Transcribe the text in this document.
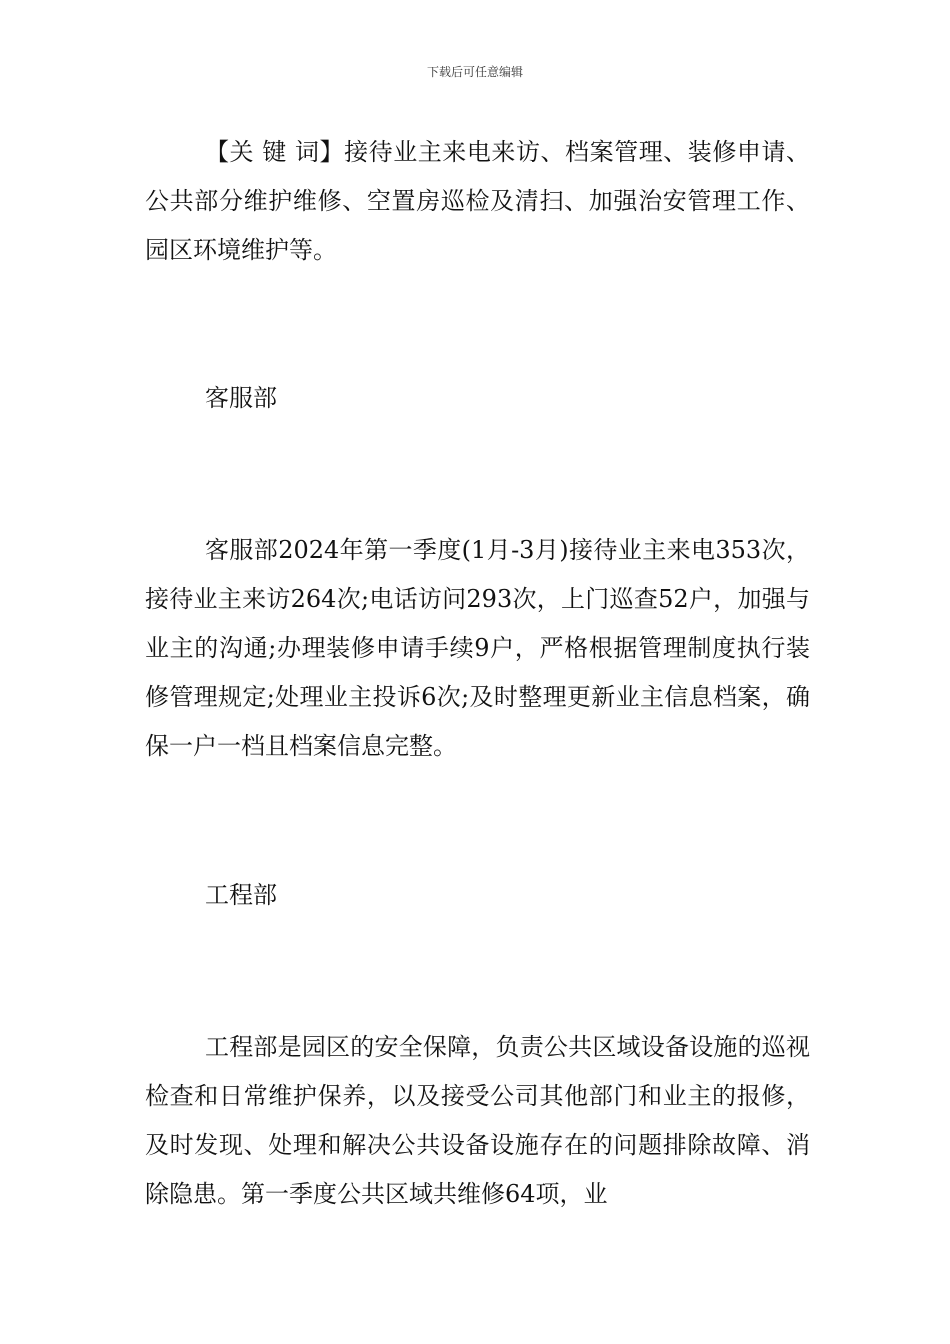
下载后可任意编辑

【关 键 词】接待业主来电来访、档案管理、装修申请、公共部分维护维修、空置房巡检及清扫、加强治安管理工作、园区环境维护等。

客服部

客服部2024年第一季度(1月-3月)接待业主来电353次，接待业主来访264次;电话访问293次，上门巡查52户，加强与业主的沟通;办理装修申请手续9户，严格根据管理制度执行装修管理规定;处理业主投诉6次;及时整理更新业主信息档案，确保一户一档且档案信息完整。

工程部

工程部是园区的安全保障，负责公共区域设备设施的巡视检查和日常维护保养，以及接受公司其他部门和业主的报修，及时发现、处理和解决公共设备设施存在的问题排除故障、消除隐患。第一季度公共区域共维修64项，业
